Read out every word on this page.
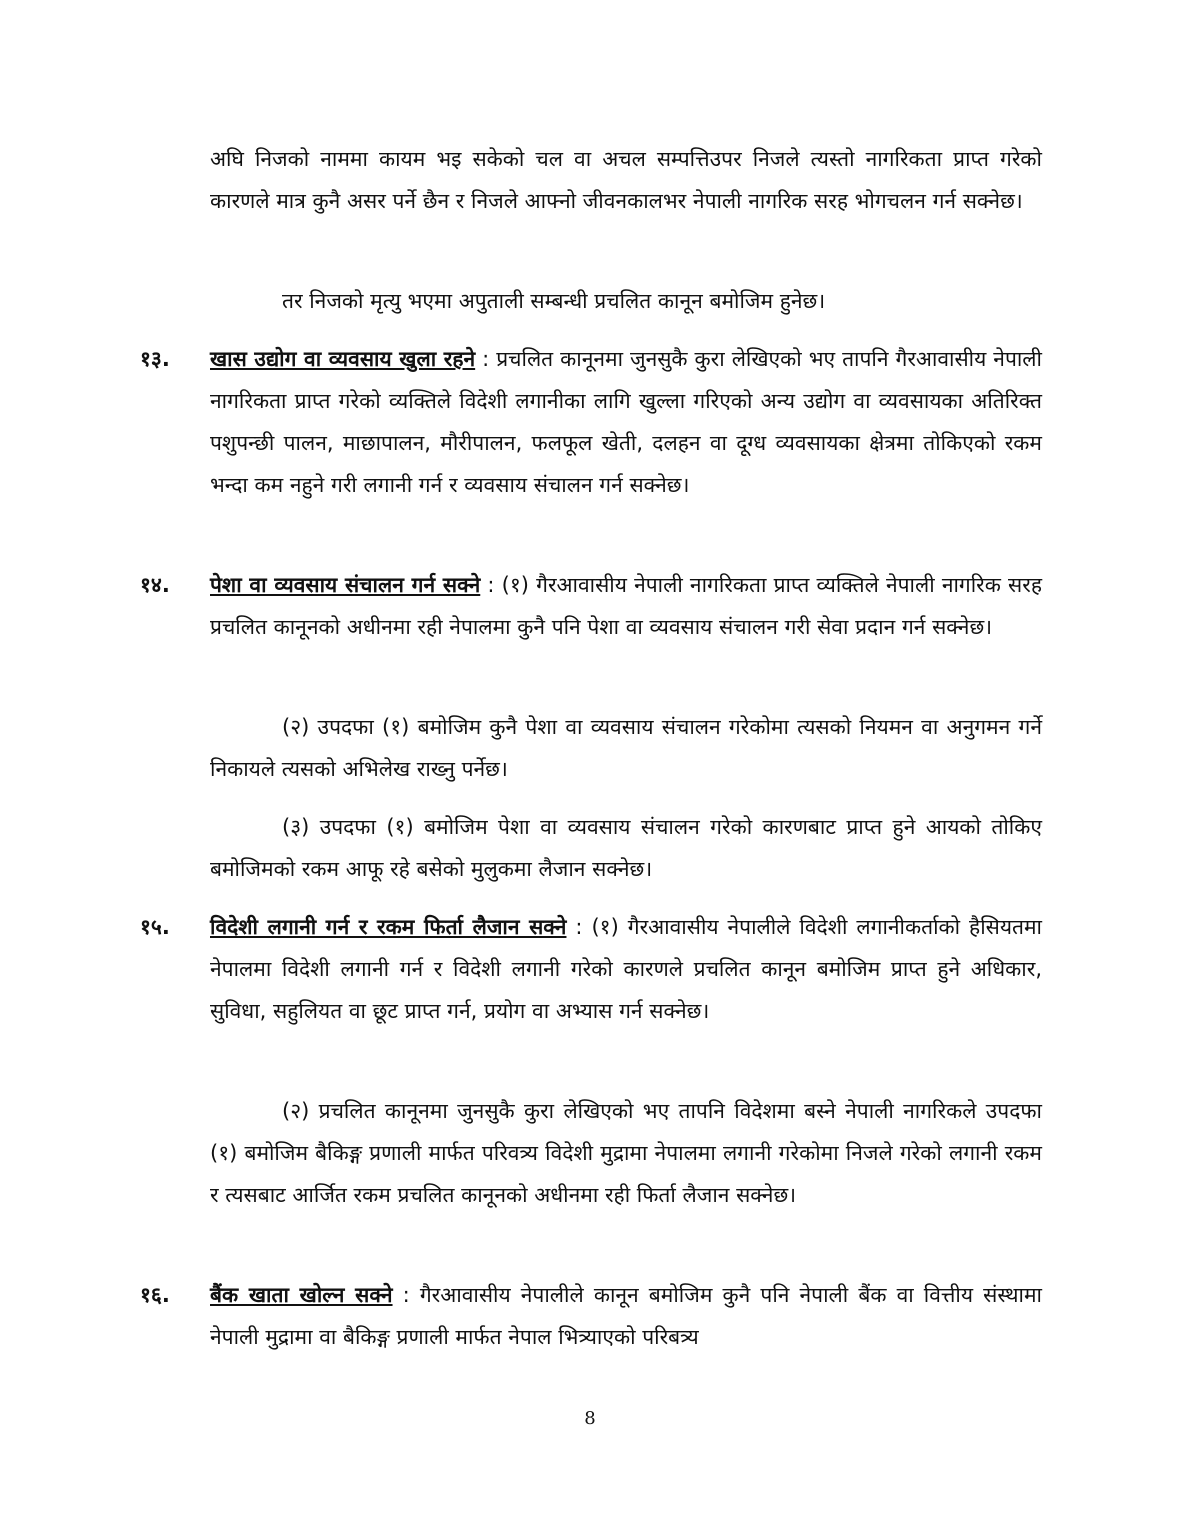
अघि निजको नाममा कायम भइ सकेको चल वा अचल सम्पत्तिउपर निजले त्यस्तो नागरिकता प्राप्त गरेको कारणले मात्र कुनै असर पर्ने छैन र निजले आफ्नो जीवनकालभर नेपाली नागरिक सरह भोगचलन गर्न सक्नेछ।

तर निजको मृत्यु भएमा अपुताली सम्बन्धी प्रचलित कानून बमोजिम हुनेछ।

१३. खास उद्योग वा व्यवसाय खुला रहने : प्रचलित कानूनमा जुनसुकै कुरा लेखिएको भए तापनि गैरआवासीय नेपाली नागरिकता प्राप्त गरेको व्यक्तिले विदेशी लगानीका लागि खुल्ला गरिएको अन्य उद्योग वा व्यवसायका अतिरिक्त पशुपन्छी पालन, माछापालन, मौरीपालन, फलफूल खेती, दलहन वा दूग्ध व्यवसायका क्षेत्रमा तोकिएको रकम भन्दा कम नहुने गरी लगानी गर्न र व्यवसाय संचालन गर्न सक्नेछ।

१४. पेशा वा व्यवसाय संचालन गर्न सक्ने : (१) गैरआवासीय नेपाली नागरिकता प्राप्त व्यक्तिले नेपाली नागरिक सरह प्रचलित कानूनको अधीनमा रही नेपालमा कुनै पनि पेशा वा व्यवसाय संचालन गरी सेवा प्रदान गर्न सक्नेछ।

(२) उपदफा (१) बमोजिम कुनै पेशा वा व्यवसाय संचालन गरेकोमा त्यसको नियमन वा अनुगमन गर्ने निकायले त्यसको अभिलेख राख्नु पर्नेछ।

(३) उपदफा (१) बमोजिम पेशा वा व्यवसाय संचालन गरेको कारणबाट प्राप्त हुने आयको तोकिए बमोजिमको रकम आफू रहे बसेको मुलुकमा लैजान सक्नेछ।

१५. विदेशी लगानी गर्न र रकम फिर्ता लैजान सक्ने : (१) गैरआवासीय नेपालीले विदेशी लगानीकर्ताको हैसियतमा नेपालमा विदेशी लगानी गर्न र विदेशी लगानी गरेको कारणले प्रचलित कानून बमोजिम प्राप्त हुने अधिकार, सुविधा, सहुलियत वा छूट प्राप्त गर्न, प्रयोग वा अभ्यास गर्न सक्नेछ।

(२) प्रचलित कानूनमा जुनसुकै कुरा लेखिएको भए तापनि विदेशमा बस्ने नेपाली नागरिकले उपदफा (१) बमोजिम बैकिङ्ग प्रणाली मार्फत परिवत्र्य विदेशी मुद्रामा नेपालमा लगानी गरेकोमा निजले गरेको लगानी रकम र त्यसबाट आर्जित रकम प्रचलित कानूनको अधीनमा रही फिर्ता लैजान सक्नेछ।

१६. बैंक खाता खोल्न सक्ने : गैरआवासीय नेपालीले कानून बमोजिम कुनै पनि नेपाली बैंक वा वित्तीय संस्थामा नेपाली मुद्रामा वा बैकिङ्ग प्रणाली मार्फत नेपाल भित्र्याएको परिबत्र्य

8
